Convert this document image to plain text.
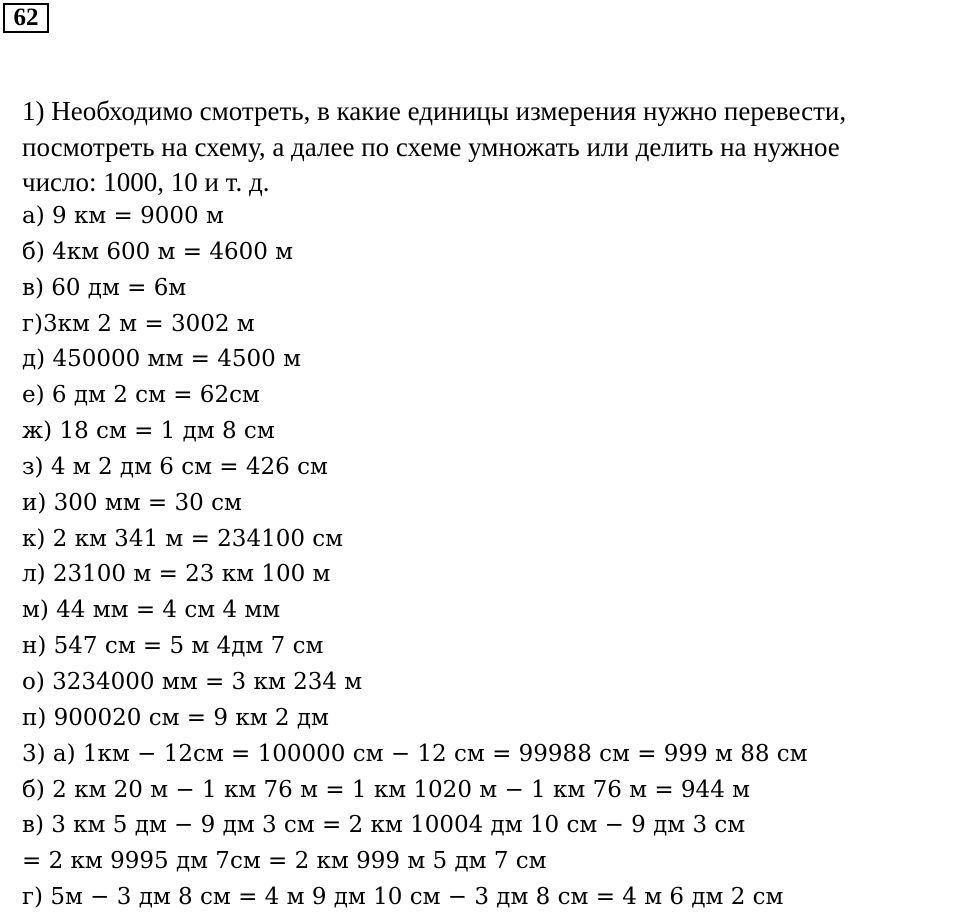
62
1) Необходимо смотреть, в какие единицы измерения нужно перевести,
посмотреть на схему, а далее по схеме умножать или делить на нужное
число: 1000, 10 и т. д.
а) 9 км = 9000 м
б) 4км 600 м = 4600 м
в) 60 дм = 6м
г)3км 2 м = 3002 м
д) 450000 мм = 4500 м
е) 6 дм 2 см = 62см
ж) 18 см = 1 дм 8 см
з) 4 м 2 дм 6 см = 426 см
и) 300 мм = 30 см
к) 2 км 341 м = 234100 см
л) 23100 м = 23 км 100 м
м) 44 мм = 4 см 4 мм
н) 547 см = 5 м 4дм 7 см
о) 3234000 мм = 3 км 234 м
п) 900020 см = 9 км 2 дм
3) а) 1км − 12см = 100000 см − 12 см = 99988 см = 999 м 88 см
б) 2 км 20 м − 1 км 76 м = 1 км 1020 м − 1 км 76 м = 944 м
в) 3 км 5 дм − 9 дм 3 см = 2 км 10004 дм 10 см − 9 дм 3 см
= 2 км 9995 дм 7см = 2 км 999 м 5 дм 7 см
г) 5м − 3 дм 8 см = 4 м 9 дм 10 см − 3 дм 8 см = 4 м 6 дм 2 см
